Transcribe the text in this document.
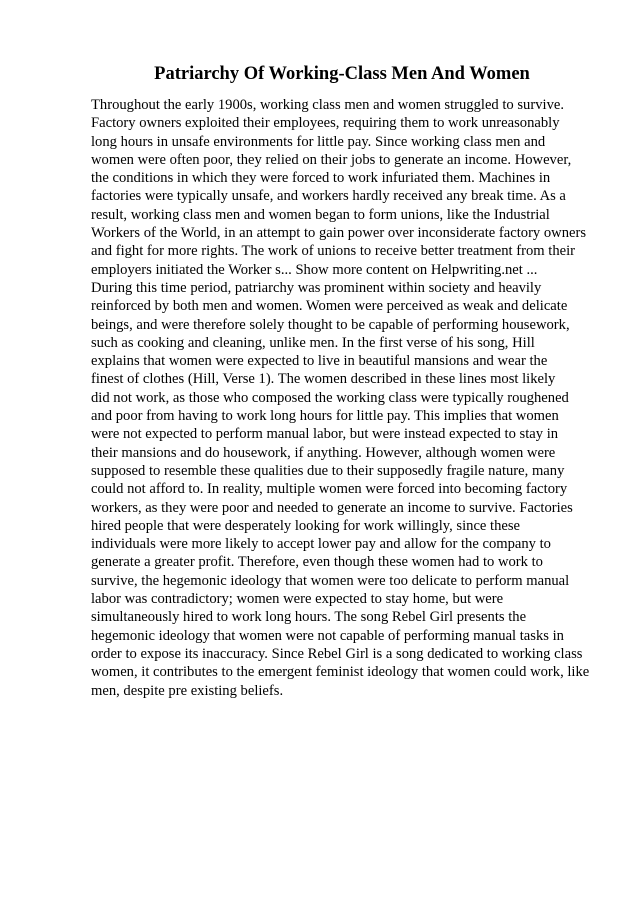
Patriarchy Of Working-Class Men And Women
Throughout the early 1900s, working class men and women struggled to survive.
Factory owners exploited their employees, requiring them to work unreasonably
long hours in unsafe environments for little pay. Since working class men and
women were often poor, they relied on their jobs to generate an income. However,
the conditions in which they were forced to work infuriated them. Machines in
factories were typically unsafe, and workers hardly received any break time. As a
result, working class men and women began to form unions, like the Industrial
Workers of the World, in an attempt to gain power over inconsiderate factory owners
and fight for more rights. The work of unions to receive better treatment from their
employers initiated the Worker s... Show more content on Helpwriting.net ...
During this time period, patriarchy was prominent within society and heavily
reinforced by both men and women. Women were perceived as weak and delicate
beings, and were therefore solely thought to be capable of performing housework,
such as cooking and cleaning, unlike men. In the first verse of his song, Hill
explains that women were expected to live in beautiful mansions and wear the
finest of clothes (Hill, Verse 1). The women described in these lines most likely
did not work, as those who composed the working class were typically roughened
and poor from having to work long hours for little pay. This implies that women
were not expected to perform manual labor, but were instead expected to stay in
their mansions and do housework, if anything. However, although women were
supposed to resemble these qualities due to their supposedly fragile nature, many
could not afford to. In reality, multiple women were forced into becoming factory
workers, as they were poor and needed to generate an income to survive. Factories
hired people that were desperately looking for work willingly, since these
individuals were more likely to accept lower pay and allow for the company to
generate a greater profit. Therefore, even though these women had to work to
survive, the hegemonic ideology that women were too delicate to perform manual
labor was contradictory; women were expected to stay home, but were
simultaneously hired to work long hours. The song Rebel Girl presents the
hegemonic ideology that women were not capable of performing manual tasks in
order to expose its inaccuracy. Since Rebel Girl is a song dedicated to working class
women, it contributes to the emergent feminist ideology that women could work, like
men, despite pre existing beliefs.
